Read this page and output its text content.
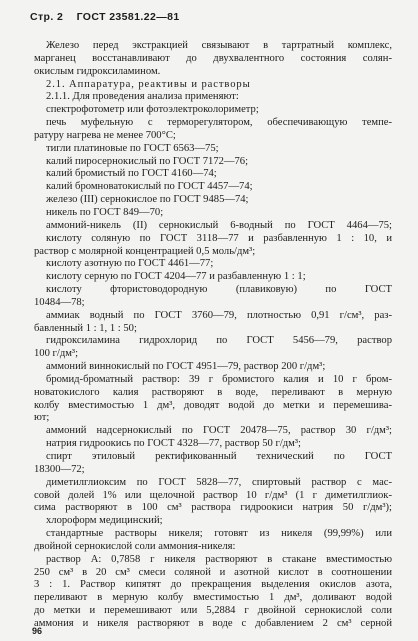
Стр. 2 ГОСТ 23581.22—81
Железо перед экстракцией связывают в тартратный комплекс,
марганец восстанавливают до двухвалентного состояния солян-
окислым гидроксиламином.
2.1. Аппаратура, реактивы и растворы
2.1.1. Для проведения анализа применяют:
спектрофотометр или фотоэлектроколориметр;
печь муфельную с терморегулятором, обеспечивающую темпе-
ратуру нагрева не менее 700°С;
тигли платиновые по ГОСТ 6563—75;
калий пиросернокислый по ГОСТ 7172—76;
калий бромистый по ГОСТ 4160—74;
калий бромноватокислый по ГОСТ 4457—74;
железо (III) сернокислое по ГОСТ 9485—74;
никель по ГОСТ 849—70;
аммоний-никель (II) сернокислый 6-водный по ГОСТ 4464—75;
кислоту соляную по ГОСТ 3118—77 и разбавленную 1 : 10, и
раствор с молярной концентрацией 0,5 моль/дм³;
кислоту азотную по ГОСТ 4461—77;
кислоту серную по ГОСТ 4204—77 и разбавленную 1 : 1;
кислоту фтористоводородную (плавиковую) по ГОСТ
10484—78;
аммиак водный по ГОСТ 3760—79, плотностью 0,91 г/см³, раз-
бавленный 1 : 1, 1 : 50;
гидроксиламина гидрохлорид по ГОСТ 5456—79, раствор
100 г/дм³;
аммоний виннокислый по ГОСТ 4951—79, раствор 200 г/дм³;
бромид-броматный раствор: 39 г бромистого калия и 10 г бром-
новатокислого калия растворяют в воде, переливают в мерную
колбу вместимостью 1 дм³, доводят водой до метки и перемешива-
ют;
аммоний надсернокислый по ГОСТ 20478—75, раствор 30 г/дм³;
натрия гидроокись по ГОСТ 4328—77, раствор 50 г/дм³;
спирт этиловый ректификованный технический по ГОСТ
18300—72;
диметилглиоксим по ГОСТ 5828—77, спиртовый раствор с мас-
совой долей 1% или щелочной раствор 10 г/дм³ (1 г диметилглиок-
сима растворяют в 100 см³ раствора гидроокиси натрия 50 г/дм³);
хлороформ медицинский;
стандартные растворы никеля; готовят из никеля (99,99%) или
двойной сернокислой соли аммония-никеля:
раствор А: 0,7858 г никеля растворяют в стакане вместимостью
250 см³ в 20 см³ смеси соляной и азотной кислот в соотношении
3 : 1. Раствор кипятят до прекращения выделения окислов азота,
переливают в мерную колбу вместимостью 1 дм³, доливают водой
до метки и перемешивают или 5,2884 г двойной сернокислой соли
аммония и никеля растворяют в воде с добавлением 2 см³ серной
96
